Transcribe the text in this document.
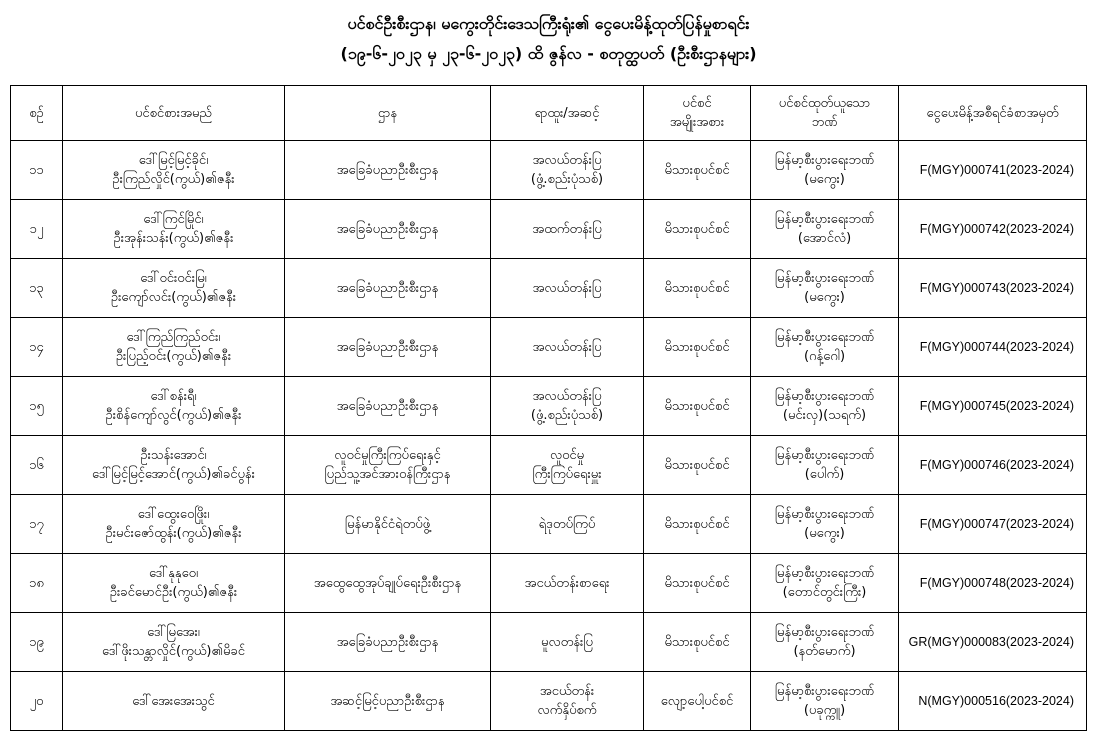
ပင်စင်ဦးစီးဌာန၊ မကွေးတိုင်းဒေသကြီးရုံး၏ ငွေပေးမိန့်ထုတ်ပြန်မှုစာရင်း
(၁၉-၆-၂၀၂၃ မှ ၂၃-၆-၂၀၂၃) ထိ ဇွန်လ - စတုတ္ထပတ် (ဦးစီးဌာနများ)
စဉ်	ပင်စင်စားအမည်	ဌာန	ရာထူး/အဆင့်	ပင်စင်
အမျိုးအစား	ပင်စင်ထုတ်ယူသော
ဘဏ်	ငွေပေးမိန့်အစီရင်ခံစာအမှတ်
၁၁	ဒေါ်မြင့်မြင့်ခိုင်၊
ဦးကြည်လှိုင်(ကွယ်)၏ဇနီး	အခြေခံပညာဦးစီးဌာန	အလယ်တန်းပြ
(ဖွံ့.စည်းပုံသစ်)	မိသားစုပင်စင်	မြန်မာ့စီးပွားရေးဘဏ်
(မကွေး)	F(MGY)000741(2023-2024)
၁၂	ဒေါ်ကြင်မြိုင်၊
ဦးအုန်းသန်း(ကွယ်)၏ဇနီး	အခြေခံပညာဦးစီးဌာန	အထက်တန်းပြ	မိသားစုပင်စင်	မြန်မာ့စီးပွားရေးဘဏ်
(အောင်လံ)	F(MGY)000742(2023-2024)
၁၃	ဒေါ်ဝင်းဝင်းမြ၊
ဦးကျော်လင်း(ကွယ်)၏ဇနီး	အခြေခံပညာဦးစီးဌာန	အလယ်တန်းပြ	မိသားစုပင်စင်	မြန်မာ့စီးပွားရေးဘဏ်
(မကွေး)	F(MGY)000743(2023-2024)
၁၄	ဒေါ်ကြည်ကြည်ဝင်း၊
ဦးပြည့်ဝင်း(ကွယ်)၏ဇနီး	အခြေခံပညာဦးစီးဌာန	အလယ်တန်းပြ	မိသားစုပင်စင်	မြန်မာ့စီးပွားရေးဘဏ်
(ဂန့်ဂေါ)	F(MGY)000744(2023-2024)
၁၅	ဒေါ်စန်းရီ၊
ဦးစိန်ကျော်လွင်(ကွယ်)၏ဇနီး	အခြေခံပညာဦးစီးဌာန	အလယ်တန်းပြ
(ဖွံ့.စည်းပုံသစ်)	မိသားစုပင်စင်	မြန်မာ့စီးပွားရေးဘဏ်
(မင်းလှ)(သရက်)	F(MGY)000745(2023-2024)
၁၆	ဦးသန်းအောင်၊
ဒေါ်မြင့်မြင့်အောင်(ကွယ်)၏ခင်ပွန်း	လူဝင်မှုကြီးကြပ်ရေးနှင့်
ပြည်သူ့အင်အားဝန်ကြီးဌာန	လူဝင်မှု
ကြီးကြပ်ရေးမှူး	မိသားစုပင်စင်	မြန်မာ့စီးပွားရေးဘဏ်
(ပေါက်)	F(MGY)000746(2023-2024)
၁၇	ဒေါ်ထွေးဝေဖြိုး၊
ဦးမင်းဇော်ထွန်း(ကွယ်)၏ဇနီး	မြန်မာနိုင်ငံရဲတပ်ဖွဲ့	ရဲဒုတပ်ကြပ်	မိသားစုပင်စင်	မြန်မာ့စီးပွားရေးဘဏ်
(မကွေး)	F(MGY)000747(2023-2024)
၁၈	ဒေါ်နုနုဝေ၊
ဦးခင်မောင်ဦး(ကွယ်)၏ဇနီး	အထွေထွေအုပ်ချုပ်ရေးဦးစီးဌာန	အငယ်တန်းစာရေး	မိသားစုပင်စင်	မြန်မာ့စီးပွားရေးဘဏ်
(တောင်တွင်းကြီး)	F(MGY)000748(2023-2024)
၁၉	ဒေါ်မြအေး၊
ဒေါ်ဖိုးသန္တာလှိုင်(ကွယ်)၏မိခင်	အခြေခံပညာဦးစီးဌာန	မူလတန်းပြ	မိသားစုပင်စင်	မြန်မာ့စီးပွားရေးဘဏ်
(နတ်မောက်)	GR(MGY)000083(2023-2024)
၂၀	ဒေါ်အေးအေးသွင်	အဆင့်မြင့်ပညာဦးစီးဌာန	အငယ်တန်း
လက်နှိပ်စက်	လျော့ပေါ့ပင်စင်	မြန်မာ့စီးပွားရေးဘဏ်
(ပခုက္ကူ)	N(MGY)000516(2023-2024)
